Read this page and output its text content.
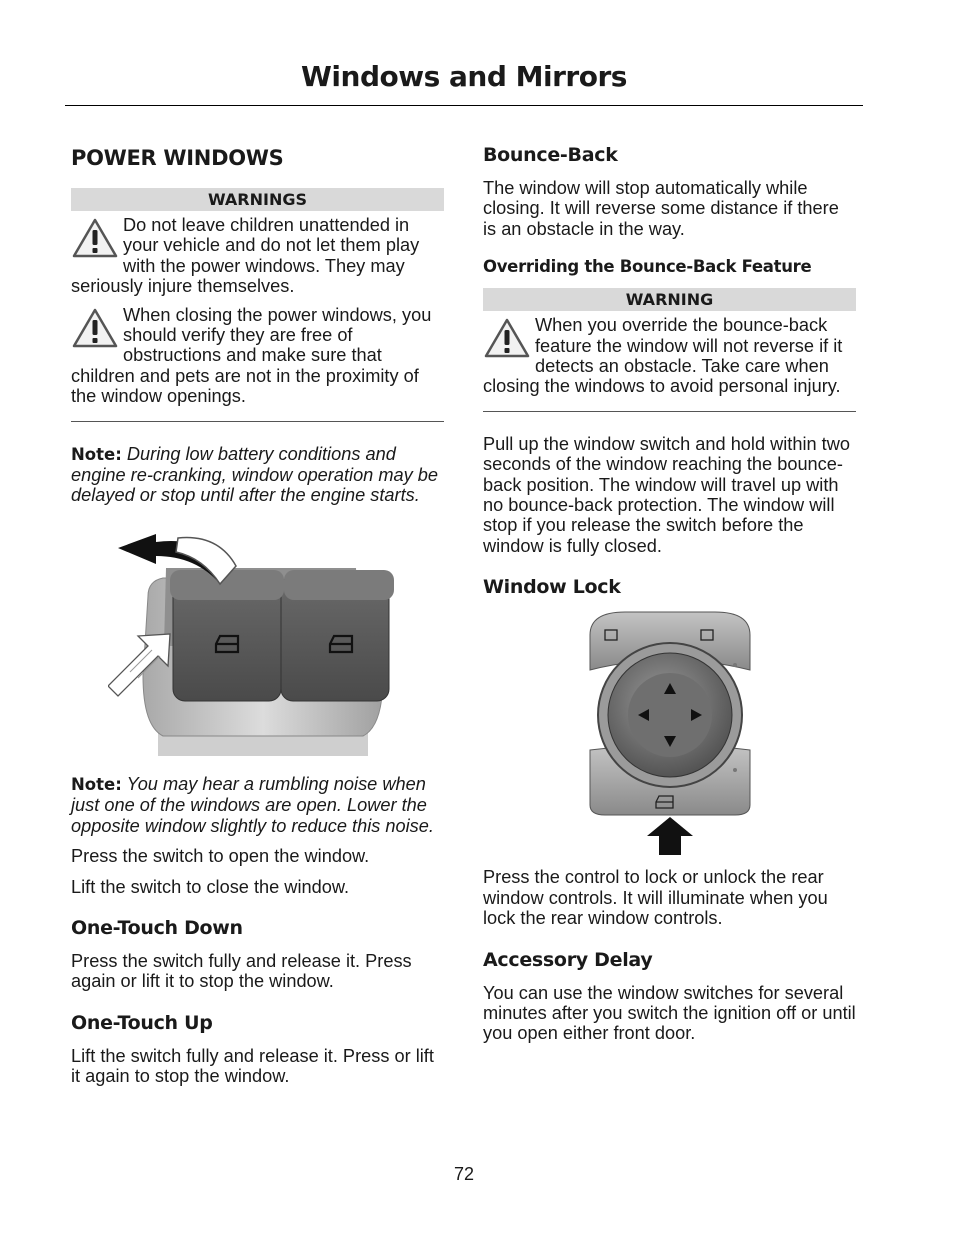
Windows and Mirrors
POWER WINDOWS
WARNINGS

Do not leave children unattended in your vehicle and do not let them play with the power windows. They may seriously injure themselves.

When closing the power windows, you should verify they are free of obstructions and make sure that children and pets are not in the proximity of the window openings.

Note: During low battery conditions and engine re-cranking, window operation may be delayed or stop until after the engine starts.

Note: You may hear a rumbling noise when just one of the windows are open. Lower the opposite window slightly to reduce this noise.

Press the switch to open the window.

Lift the switch to close the window.

One-Touch Down

Press the switch fully and release it. Press again or lift it to stop the window.

One-Touch Up

Lift the switch fully and release it. Press or lift it again to stop the window.

Bounce-Back

The window will stop automatically while closing. It will reverse some distance if there is an obstacle in the way.

Overriding the Bounce-Back Feature
WARNING

When you override the bounce-back feature the window will not reverse if it detects an obstacle. Take care when closing the windows to avoid personal injury.

Pull up the window switch and hold within two seconds of the window reaching the bounce-back position. The window will travel up with no bounce-back protection. The window will stop if you release the switch before the window is fully closed.

Window Lock

Press the control to lock or unlock the rear window controls. It will illuminate when you lock the rear window controls.

Accessory Delay

You can use the window switches for several minutes after you switch the ignition off or until you open either front door.

72
